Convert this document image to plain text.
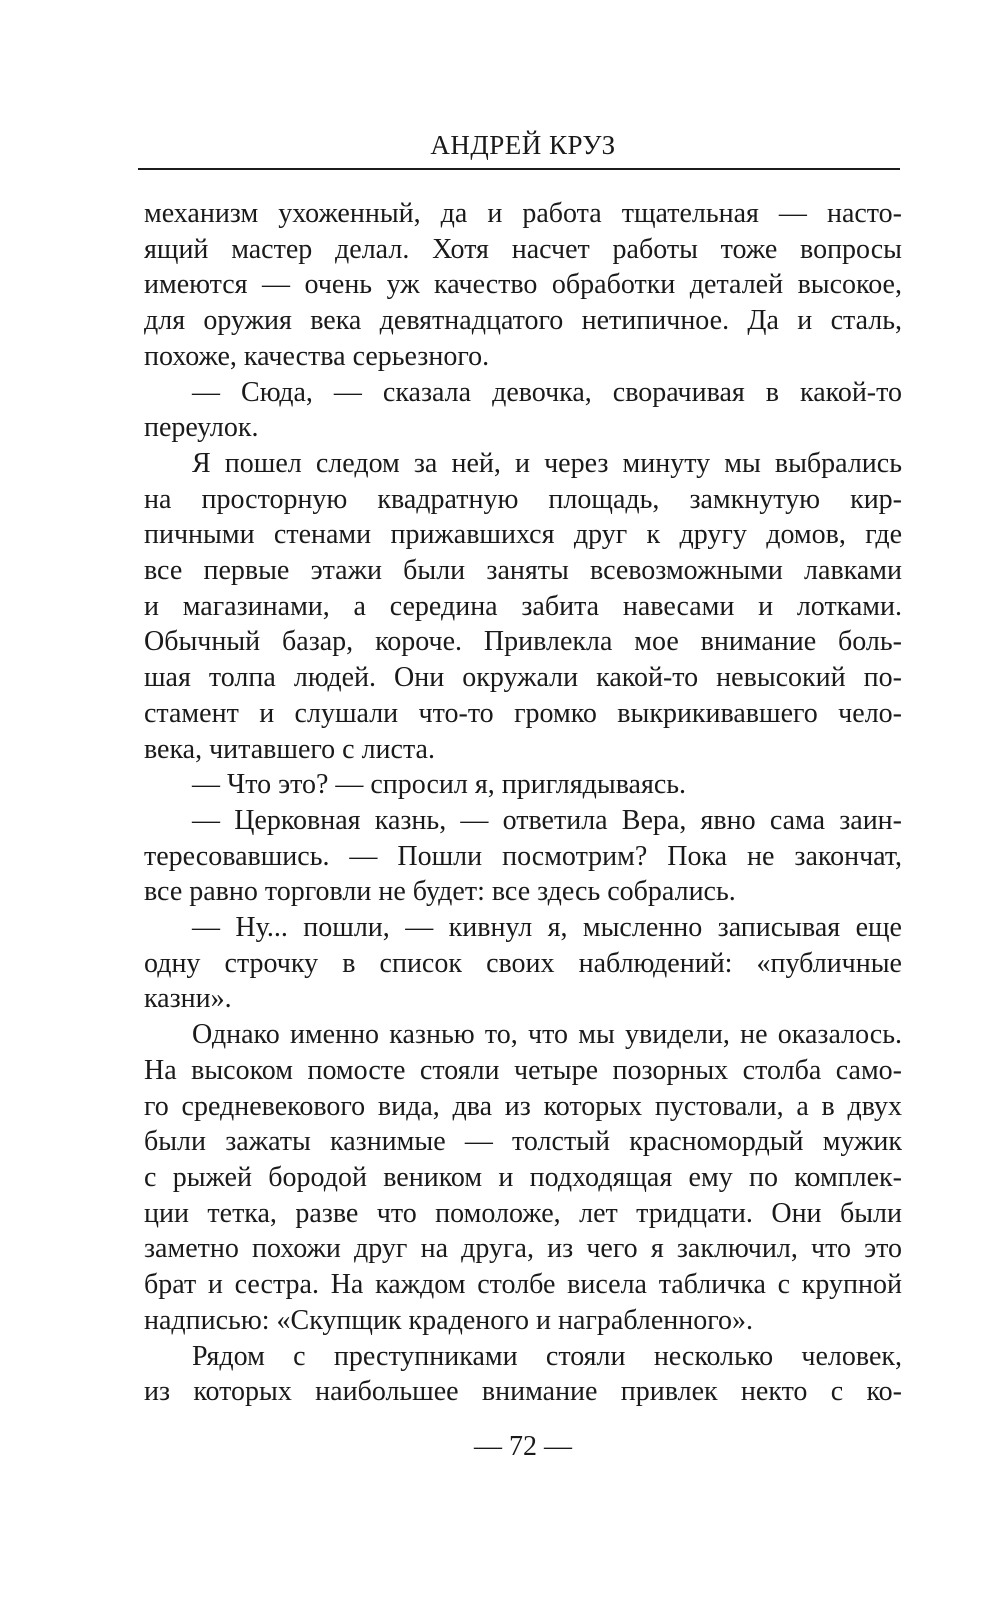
АНДРЕЙ КРУЗ
механизм ухоженный, да и работа тщательная — насто-
ящий мастер делал. Хотя насчет работы тоже вопросы
имеются — очень уж качество обработки деталей высокое,
для оружия века девятнадцатого нетипичное. Да и сталь,
похоже, качества серьезного.
— Сюда, — сказала девочка, сворачивая в какой-то
переулок.
Я пошел следом за ней, и через минуту мы выбрались
на просторную квадратную площадь, замкнутую кир-
пичными стенами прижавшихся друг к другу домов, где
все первые этажи были заняты всевозможными лавками
и магазинами, а середина забита навесами и лотками.
Обычный базар, короче. Привлекла мое внимание боль-
шая толпа людей. Они окружали какой-то невысокий по-
стамент и слушали что-то громко выкрикивавшего чело-
века, читавшего с листа.
— Что это? — спросил я, приглядываясь.
— Церковная казнь, — ответила Вера, явно сама заин-
тересовавшись. — Пошли посмотрим? Пока не закончат,
все равно торговли не будет: все здесь собрались.
— Ну... пошли, — кивнул я, мысленно записывая еще
одну строчку в список своих наблюдений: «публичные
казни».
Однако именно казнью то, что мы увидели, не оказалось.
На высоком помосте стояли четыре позорных столба само-
го средневекового вида, два из которых пустовали, а в двух
были зажаты казнимые — толстый красномордый мужик
с рыжей бородой веником и подходящая ему по комплек-
ции тетка, разве что помоложе, лет тридцати. Они были
заметно похожи друг на друга, из чего я заключил, что это
брат и сестра. На каждом столбе висела табличка с крупной
надписью: «Скупщик краденого и награбленного».
Рядом с преступниками стояли несколько человек,
из которых наибольшее внимание привлек некто с ко-
— 72 —
